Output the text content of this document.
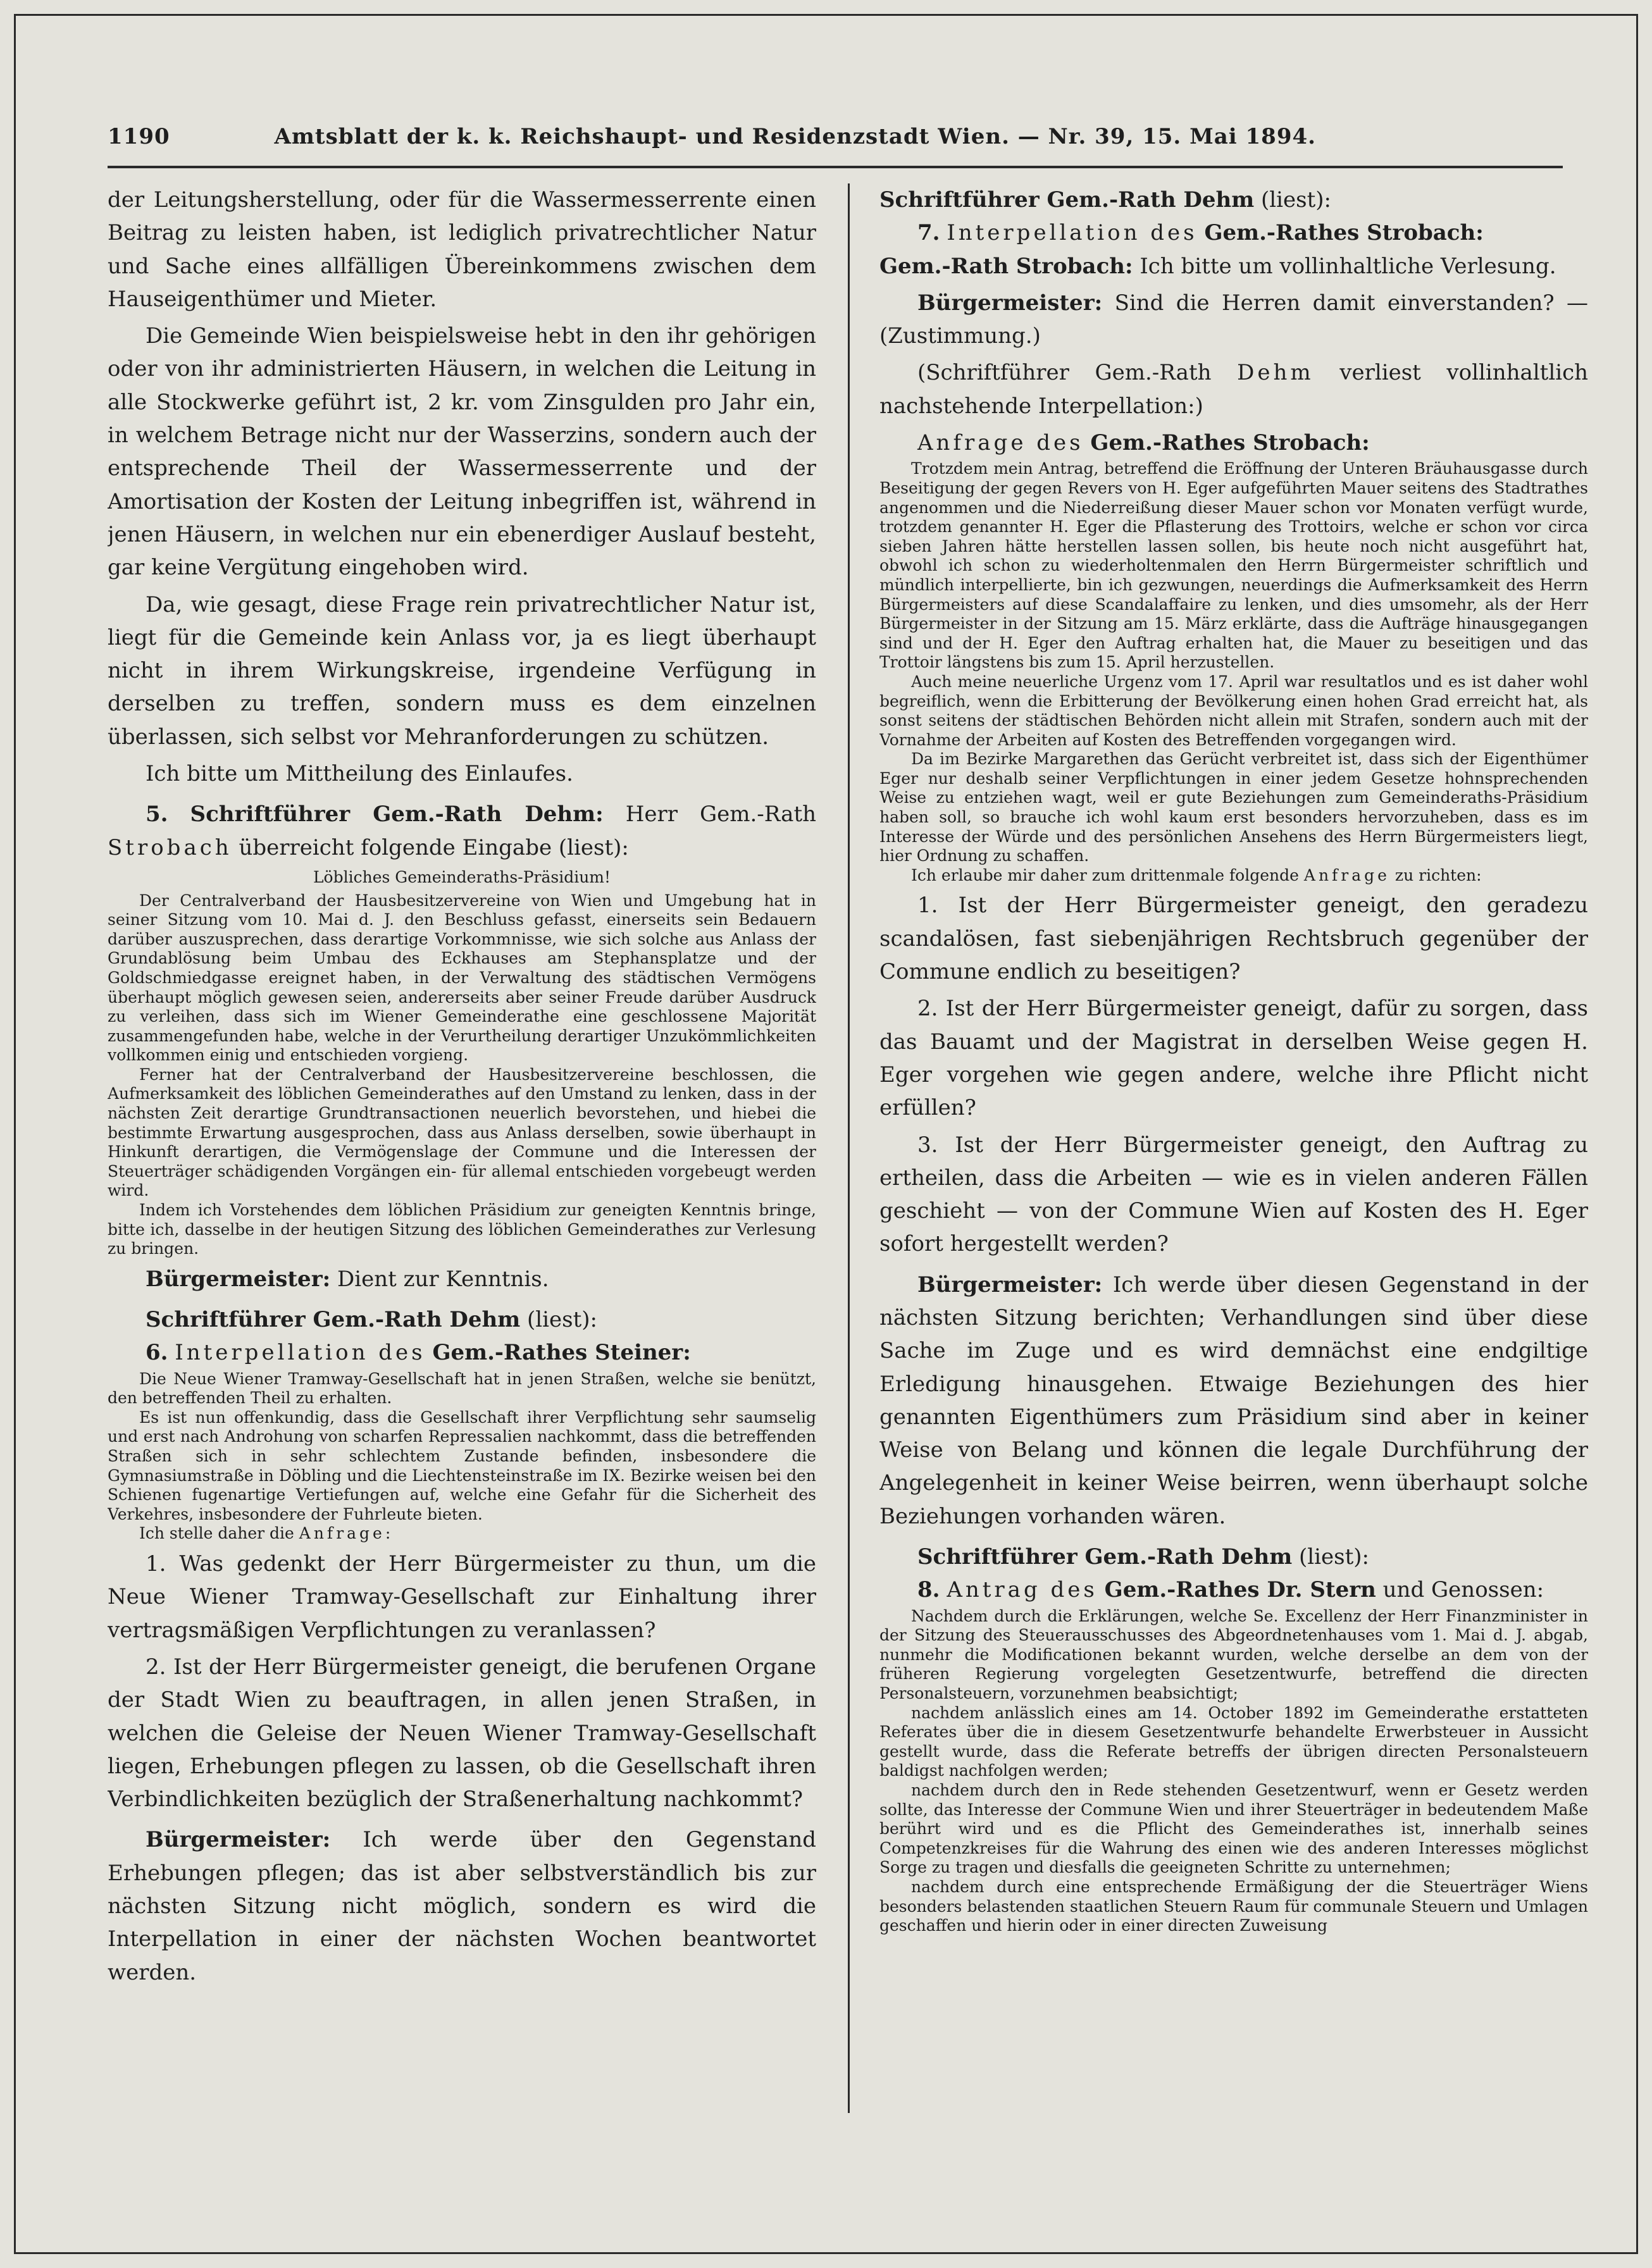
1190	Amtsblatt der k. k. Reichshaupt- und Residenzstadt Wien. — Nr. 39, 15. Mai 1894.

der Leitungsherstellung, oder für die Wassermesserrente einen Beitrag zu leisten haben, ist lediglich privatrechtlicher Natur und Sache eines allfälligen Übereinkommens zwischen dem Hauseigenthümer und Mieter.

Die Gemeinde Wien beispielsweise hebt in den ihr gehörigen oder von ihr administrierten Häusern, in welchen die Leitung in alle Stockwerke geführt ist, 2 kr. vom Zinsgulden pro Jahr ein, in welchem Betrage nicht nur der Wasserzins, sondern auch der entsprechende Theil der Wassermesserrente und der Amortisation der Kosten der Leitung inbegriffen ist, während in jenen Häusern, in welchen nur ein ebenerdiger Auslauf besteht, gar keine Vergütung eingehoben wird.

Da, wie gesagt, diese Frage rein privatrechtlicher Natur ist, liegt für die Gemeinde kein Anlass vor, ja es liegt überhaupt nicht in ihrem Wirkungskreise, irgendeine Verfügung in derselben zu treffen, sondern muss es dem einzelnen überlassen, sich selbst vor Mehranforderungen zu schützen.

Ich bitte um Mittheilung des Einlaufes.

5. Schriftführer Gem.-Rath Dehm: Herr Gem.-Rath Strobach überreicht folgende Eingabe (liest):

Löbliches Gemeinderaths-Präsidium!

Der Centralverband der Hausbesitzervereine von Wien und Umgebung hat in seiner Sitzung vom 10. Mai d. J. den Beschluss gefasst, einerseits sein Bedauern darüber auszusprechen, dass derartige Vorkommnisse, wie sich solche aus Anlass der Grundablösung beim Umbau des Eckhauses am Stephansplatze und der Goldschmiedgasse ereignet haben, in der Verwaltung des städtischen Vermögens überhaupt möglich gewesen seien, andererseits aber seiner Freude darüber Ausdruck zu verleihen, dass sich im Wiener Gemeinderathe eine geschlossene Majorität zusammengefunden habe, welche in der Verurtheilung derartiger Unzukömmlichkeiten vollkommen einig und entschieden vorgieng.

Ferner hat der Centralverband der Hausbesitzervereine beschlossen, die Aufmerksamkeit des löblichen Gemeinderathes auf den Umstand zu lenken, dass in der nächsten Zeit derartige Grundtransactionen neuerlich bevorstehen, und hiebei die bestimmte Erwartung ausgesprochen, dass aus Anlass derselben, sowie überhaupt in Hinkunft derartigen, die Vermögenslage der Commune und die Interessen der Steuerträger schädigenden Vorgängen ein- für allemal entschieden vorgebeugt werden wird.

Indem ich Vorstehendes dem löblichen Präsidium zur geneigten Kenntnis bringe, bitte ich, dasselbe in der heutigen Sitzung des löblichen Gemeinderathes zur Verlesung zu bringen.

Bürgermeister: Dient zur Kenntnis.

Schriftführer Gem.-Rath Dehm (liest):

6. Interpellation des Gem.-Rathes Steiner:

Die Neue Wiener Tramway-Gesellschaft hat in jenen Straßen, welche sie benützt, den betreffenden Theil zu erhalten.

Es ist nun offenkundig, dass die Gesellschaft ihrer Verpflichtung sehr saumselig und erst nach Androhung von scharfen Repressalien nachkommt, dass die betreffenden Straßen sich in sehr schlechtem Zustande befinden, insbesondere die Gymnasiumstraße in Döbling und die Liechtensteinstraße im IX. Bezirke weisen bei den Schienen fugenartige Vertiefungen auf, welche eine Gefahr für die Sicherheit des Verkehres, insbesondere der Fuhrleute bieten.

Ich stelle daher die Anfrage:

1. Was gedenkt der Herr Bürgermeister zu thun, um die Neue Wiener Tramway-Gesellschaft zur Einhaltung ihrer vertragsmäßigen Verpflichtungen zu veranlassen?

2. Ist der Herr Bürgermeister geneigt, die berufenen Organe der Stadt Wien zu beauftragen, in allen jenen Straßen, in welchen die Geleise der Neuen Wiener Tramway-Gesellschaft liegen, Erhebungen pflegen zu lassen, ob die Gesellschaft ihren Verbindlichkeiten bezüglich der Straßenerhaltung nachkommt?

Bürgermeister: Ich werde über den Gegenstand Erhebungen pflegen; das ist aber selbstverständlich bis zur nächsten Sitzung nicht möglich, sondern es wird die Interpellation in einer der nächsten Wochen beantwortet werden.

Schriftführer Gem.-Rath Dehm (liest):

7. Interpellation des Gem.-Rathes Strobach:

Gem.-Rath Strobach: Ich bitte um vollinhaltliche Verlesung.

Bürgermeister: Sind die Herren damit einverstanden? — (Zustimmung.)

(Schriftführer Gem.-Rath Dehm verliest vollinhaltlich nachstehende Interpellation:)

Anfrage des Gem.-Rathes Strobach:

Trotzdem mein Antrag, betreffend die Eröffnung der Unteren Bräuhausgasse durch Beseitigung der gegen Revers von H. Eger aufgeführten Mauer seitens des Stadtrathes angenommen und die Niederreißung dieser Mauer schon vor Monaten verfügt wurde, trotzdem genannter H. Eger die Pflasterung des Trottoirs, welche er schon vor circa sieben Jahren hätte herstellen lassen sollen, bis heute noch nicht ausgeführt hat, obwohl ich schon zu wiederholtenmalen den Herrn Bürgermeister schriftlich und mündlich interpellierte, bin ich gezwungen, neuerdings die Aufmerksamkeit des Herrn Bürgermeisters auf diese Scandalaffaire zu lenken, und dies umsomehr, als der Herr Bürgermeister in der Sitzung am 15. März erklärte, dass die Aufträge hinausgegangen sind und der H. Eger den Auftrag erhalten hat, die Mauer zu beseitigen und das Trottoir längstens bis zum 15. April herzustellen.

Auch meine neuerliche Urgenz vom 17. April war resultatlos und es ist daher wohl begreiflich, wenn die Erbitterung der Bevölkerung einen hohen Grad erreicht hat, als sonst seitens der städtischen Behörden nicht allein mit Strafen, sondern auch mit der Vornahme der Arbeiten auf Kosten des Betreffenden vorgegangen wird.

Da im Bezirke Margarethen das Gerücht verbreitet ist, dass sich der Eigenthümer Eger nur deshalb seiner Verpflichtungen in einer jedem Gesetze hohnsprechenden Weise zu entziehen wagt, weil er gute Beziehungen zum Gemeinderaths-Präsidium haben soll, so brauche ich wohl kaum erst besonders hervorzuheben, dass es im Interesse der Würde und des persönlichen Ansehens des Herrn Bürgermeisters liegt, hier Ordnung zu schaffen.

Ich erlaube mir daher zum drittenmale folgende Anfrage zu richten:

1. Ist der Herr Bürgermeister geneigt, den geradezu scandalösen, fast siebenjährigen Rechtsbruch gegenüber der Commune endlich zu beseitigen?

2. Ist der Herr Bürgermeister geneigt, dafür zu sorgen, dass das Bauamt und der Magistrat in derselben Weise gegen H. Eger vorgehen wie gegen andere, welche ihre Pflicht nicht erfüllen?

3. Ist der Herr Bürgermeister geneigt, den Auftrag zu ertheilen, dass die Arbeiten — wie es in vielen anderen Fällen geschieht — von der Commune Wien auf Kosten des H. Eger sofort hergestellt werden?

Bürgermeister: Ich werde über diesen Gegenstand in der nächsten Sitzung berichten; Verhandlungen sind über diese Sache im Zuge und es wird demnächst eine endgiltige Erledigung hinausgehen. Etwaige Beziehungen des hier genannten Eigenthümers zum Präsidium sind aber in keiner Weise von Belang und können die legale Durchführung der Angelegenheit in keiner Weise beirren, wenn überhaupt solche Beziehungen vorhanden wären.

Schriftführer Gem.-Rath Dehm (liest):

8. Antrag des Gem.-Rathes Dr. Stern und Genossen:

Nachdem durch die Erklärungen, welche Se. Excellenz der Herr Finanzminister in der Sitzung des Steuerausschusses des Abgeordnetenhauses vom 1. Mai d. J. abgab, nunmehr die Modificationen bekannt wurden, welche derselbe an dem von der früheren Regierung vorgelegten Gesetzentwurfe, betreffend die directen Personalsteuern, vorzunehmen beabsichtigt;

nachdem anlässlich eines am 14. October 1892 im Gemeinderathe erstatteten Referates über die in diesem Gesetzentwurfe behandelte Erwerbsteuer in Aussicht gestellt wurde, dass die Referate betreffs der übrigen directen Personalsteuern baldigst nachfolgen werden;

nachdem durch den in Rede stehenden Gesetzentwurf, wenn er Gesetz werden sollte, das Interesse der Commune Wien und ihrer Steuerträger in bedeutendem Maße berührt wird und es die Pflicht des Gemeinderathes ist, innerhalb seines Competenzkreises für die Wahrung des einen wie des anderen Interesses möglichst Sorge zu tragen und diesfalls die geeigneten Schritte zu unternehmen;

nachdem durch eine entsprechende Ermäßigung der die Steuerträger Wiens besonders belastenden staatlichen Steuern Raum für communale Steuern und Umlagen geschaffen und hierin oder in einer directen Zuweisung
